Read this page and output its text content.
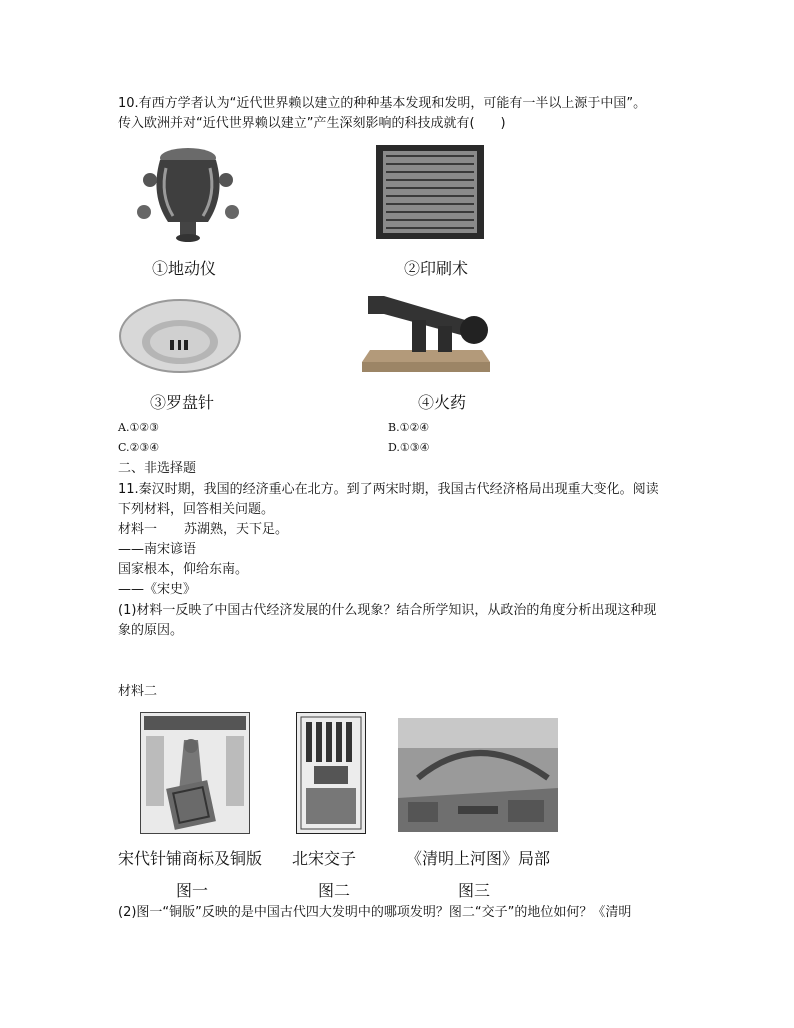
10.有西方学者认为“近代世界赖以建立的种种基本发现和发明，可能有一半以上源于中国”。
传入欧洲并对“近代世界赖以建立”产生深刻影响的科技成就有(　　)
①地动仪	②印刷术
③罗盘针	④火药
A.①②③	B.①②④
C.②③④	D.①③④
二、非选择题
11.秦汉时期，我国的经济重心在北方。到了两宋时期，我国古代经济格局出现重大变化。阅读
下列材料，回答相关问题。
材料一 苏湖熟，天下足。
——南宋谚语
国家根本，仰给东南。
——《宋史》
(1)材料一反映了中国古代经济发展的什么现象？结合所学知识，从政治的角度分析出现这种现
象的原因。
材料二
宋代针铺商标及铜版 北宋交子	《清明上河图》局部
图一	图二	图三
(2)图一“铜版”反映的是中国古代四大发明中的哪项发明？图二“交子”的地位如何？《清明
